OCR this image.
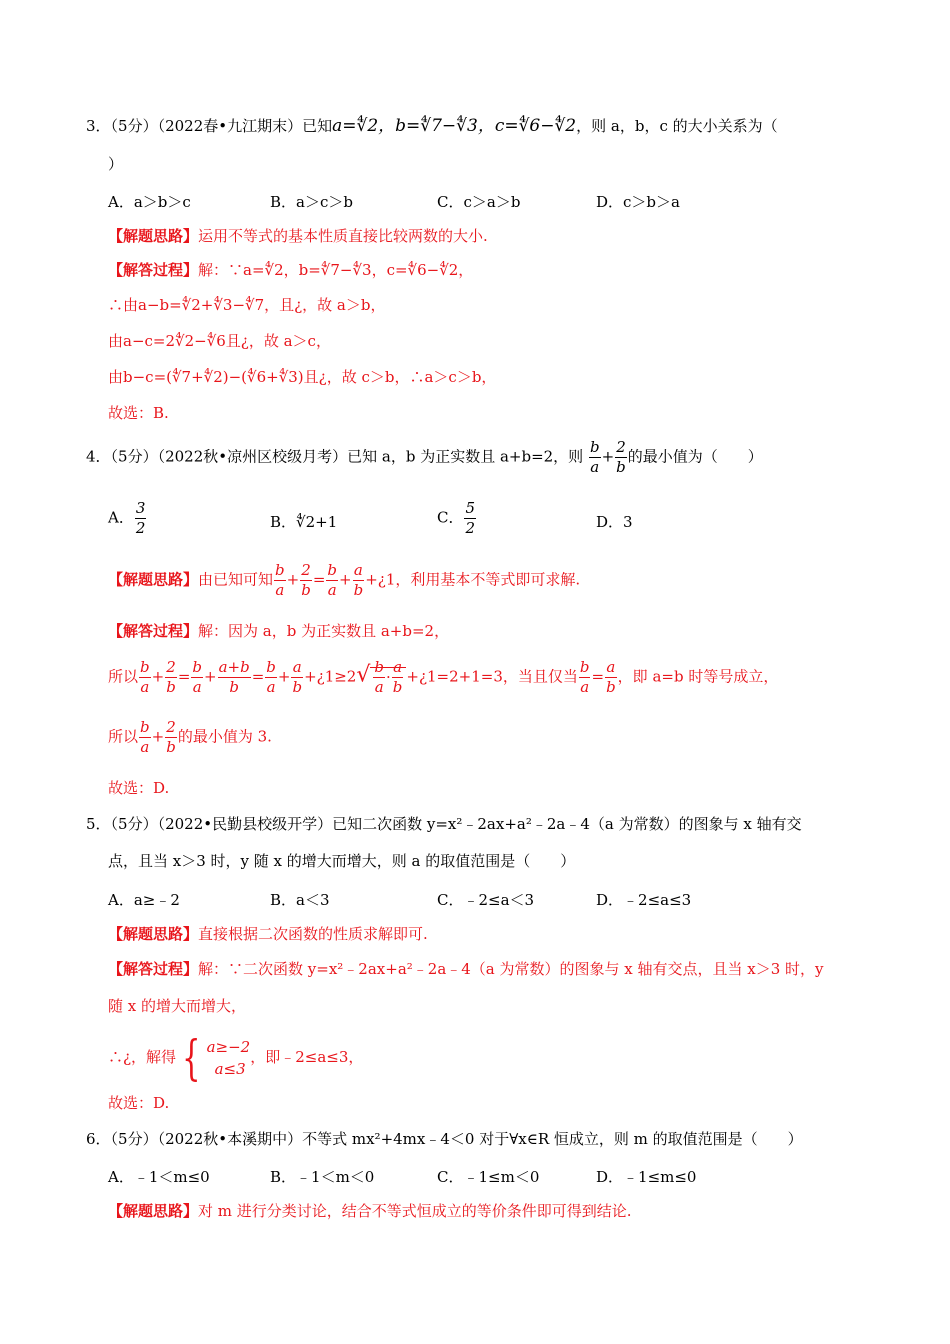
3．（5分）（2022春•九江期末）已知a=∜2，b=∜7−∜3，c=∜6−∜2，则 a，b，c 的大小关系为（
）
A．a＞b＞c	B．a＞c＞b	C．c＞a＞b	D．c＞b＞a
【解题思路】运用不等式的基本性质直接比较两数的大小.
【解答过程】解：∵a=∜2，b=∜7−∜3，c=∜6−∜2，
∴由a−b=∜2+∜3−∜7，且¿，故 a＞b，
由a−c=2∜2−∜6且¿，故 a＞c，
由b−c=(∜7+∜2)−(∜6+∜3)且¿，故 c＞b，∴a＞c＞b，
故选：B.
4．（5分）（2022秋•凉州区校级月考）已知 a，b 为正实数且 a+b=2，则 $\frac{b}{a} + \frac{2}{b}$ 的最小值为（　　）
A． $\frac{3}{2}$	B．∜2+1	C． $\frac{5}{2}$	D．3
【解题思路】由已知可知 $\frac{b}{a} + \frac{2}{b} = \frac{b}{a} + \frac{a}{b}$ +¿1，利用基本不等式即可求解.
【解答过程】解：因为 a，b 为正实数且 a+b=2，
所以 $\frac{b}{a} + \frac{2}{b} = \frac{b}{a} + \frac{a+b}{b} = \frac{b}{a} + \frac{a}{b}$ +¿1≥2√ $\frac{b}{a} \cdot \frac{a}{b}$ +¿1=2+1=3，当且仅当 $\frac{b}{a} = \frac{a}{b}$ ，即 a=b 时等号成立，
所以 $\frac{b}{a} + \frac{2}{b}$ 的最小值为 3.
故选：D.
5．（5分）（2022•民勤县校级开学）已知二次函数 y=x²﹣2ax+a²﹣2a﹣4（a 为常数）的图象与 x 轴有交
点，且当 x＞3 时，y 随 x 的增大而增大，则 a 的取值范围是（　　）
A．a≥﹣2	B．a＜3	C．﹣2≤a＜3	D．﹣2≤a≤3
【解题思路】直接根据二次函数的性质求解即可.
【解答过程】解：∵二次函数 y=x²﹣2ax+a²﹣2a﹣4（a 为常数）的图象与 x 轴有交点，且当 x＞3 时，y
随 x 的增大而增大，
∴¿，解得 { a≥−2
a≤3
，即﹣2≤a≤3，
故选：D.
6．（5分）（2022秋•本溪期中）不等式 mx²+4mx﹣4＜0 对于∀x∈R 恒成立，则 m 的取值范围是（　　）
A．﹣1＜m≤0	B．﹣1＜m＜0	C．﹣1≤m＜0	D．﹣1≤m≤0
【解题思路】对 m 进行分类讨论，结合不等式恒成立的等价条件即可得到结论.
